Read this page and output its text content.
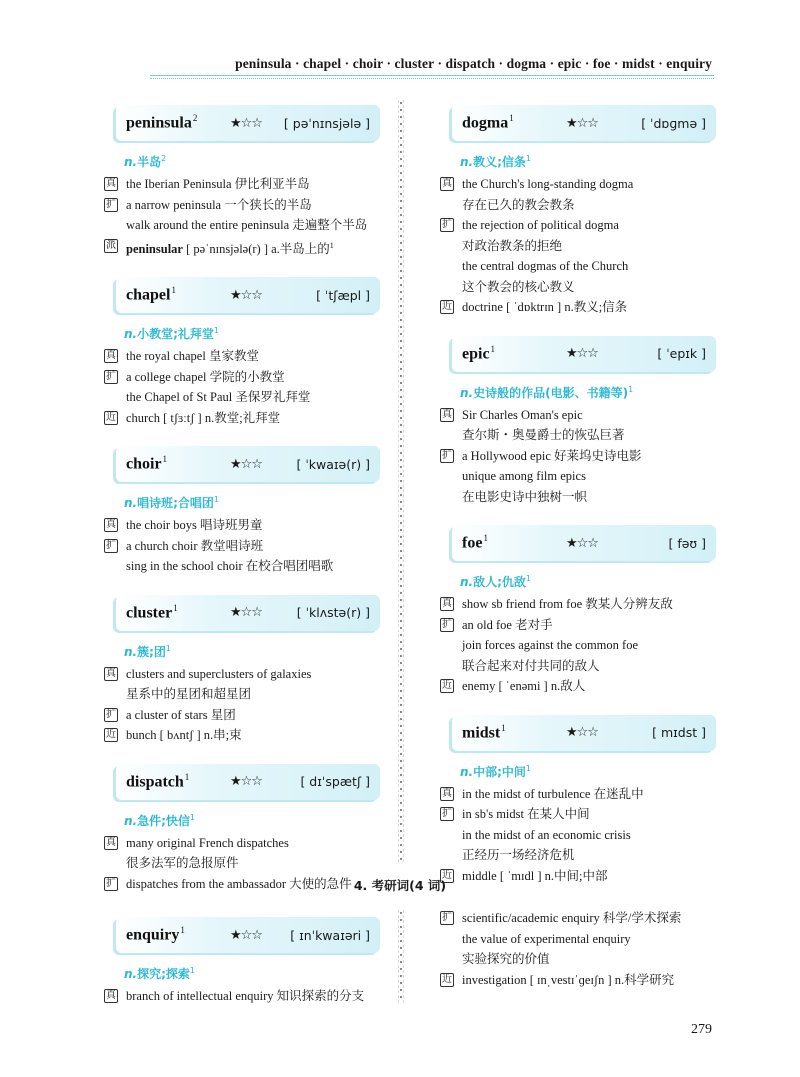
peninsula · chapel · choir · cluster · dispatch · dogma · epic · foe · midst · enquiry
peninsula$^2$	★☆☆	[ pəˈnɪnsjələ ]
n.半岛$^2$
真 the Iberian Peninsula 伊比利亚半岛
扩 a narrow peninsula 一个狭长的半岛
walk around the entire peninsula 走遍整个半岛
派 peninsular [ pəˈnɪnsjələ(r) ] a.半岛上的$^1$
chapel$^1$	★☆☆	[ ˈtʃæpl ]
n.小教堂;礼拜堂$^1$
真 the royal chapel 皇家教堂
扩 a college chapel 学院的小教堂
the Chapel of St Paul 圣保罗礼拜堂
近 church [ tʃɜːtʃ ] n.教堂;礼拜堂
choir$^1$	★☆☆	[ ˈkwaɪə(r) ]
n.唱诗班;合唱团$^1$
真 the choir boys 唱诗班男童
扩 a church choir 教堂唱诗班
sing in the school choir 在校合唱团唱歌
cluster$^1$	★☆☆	[ ˈklʌstə(r) ]
n.簇;团$^1$
真 clusters and superclusters of galaxies
星系中的星团和超星团
扩 a cluster of stars 星团
近 bunch [ bʌntʃ ] n.串;束
dispatch$^1$	★☆☆	[ dɪˈspætʃ ]
n.急件;快信$^1$
真 many original French dispatches
很多法军的急报原件
扩 dispatches from the ambassador 大使的急件
dogma$^1$	★☆☆	[ ˈdɒɡmə ]
n.教义;信条$^1$
真 the Church's long-standing dogma
存在已久的教会教条
扩 the rejection of political dogma
对政治教条的拒绝
the central dogmas of the Church
这个教会的核心教义
近 doctrine [ ˈdɒktrɪn ] n.教义;信条
epic$^1$	★☆☆	[ ˈepɪk ]
n.史诗般的作品(电影、书籍等)$^1$
真 Sir Charles Oman's epic
查尔斯・奥曼爵士的恢弘巨著
扩 a Hollywood epic 好莱坞史诗电影
unique among film epics
在电影史诗中独树一帜
foe$^1$	★☆☆	[ fəʊ ]
n.敌人;仇敌$^1$
真 show sb friend from foe 教某人分辨友敌
扩 an old foe 老对手
join forces against the common foe
联合起来对付共同的敌人
近 enemy [ ˈenəmi ] n.敌人
midst$^1$	★☆☆	[ mɪdst ]
n.中部;中间$^1$
真 in the midst of turbulence 在迷乱中
扩 in sb's midst 在某人中间
in the midst of an economic crisis
正经历一场经济危机
近 middle [ ˈmɪdl ] n.中间;中部
4. 考研词(4 词)
enquiry$^1$	★☆☆	[ ɪnˈkwaɪəri ]
n.探究;探索$^1$
真 branch of intellectual enquiry 知识探索的分支
扩 scientific/academic enquiry 科学/学术探索
the value of experimental enquiry
实验探究的价值
近 investigation [ ɪnˌvestɪˈɡeɪʃn ] n.科学研究
279
